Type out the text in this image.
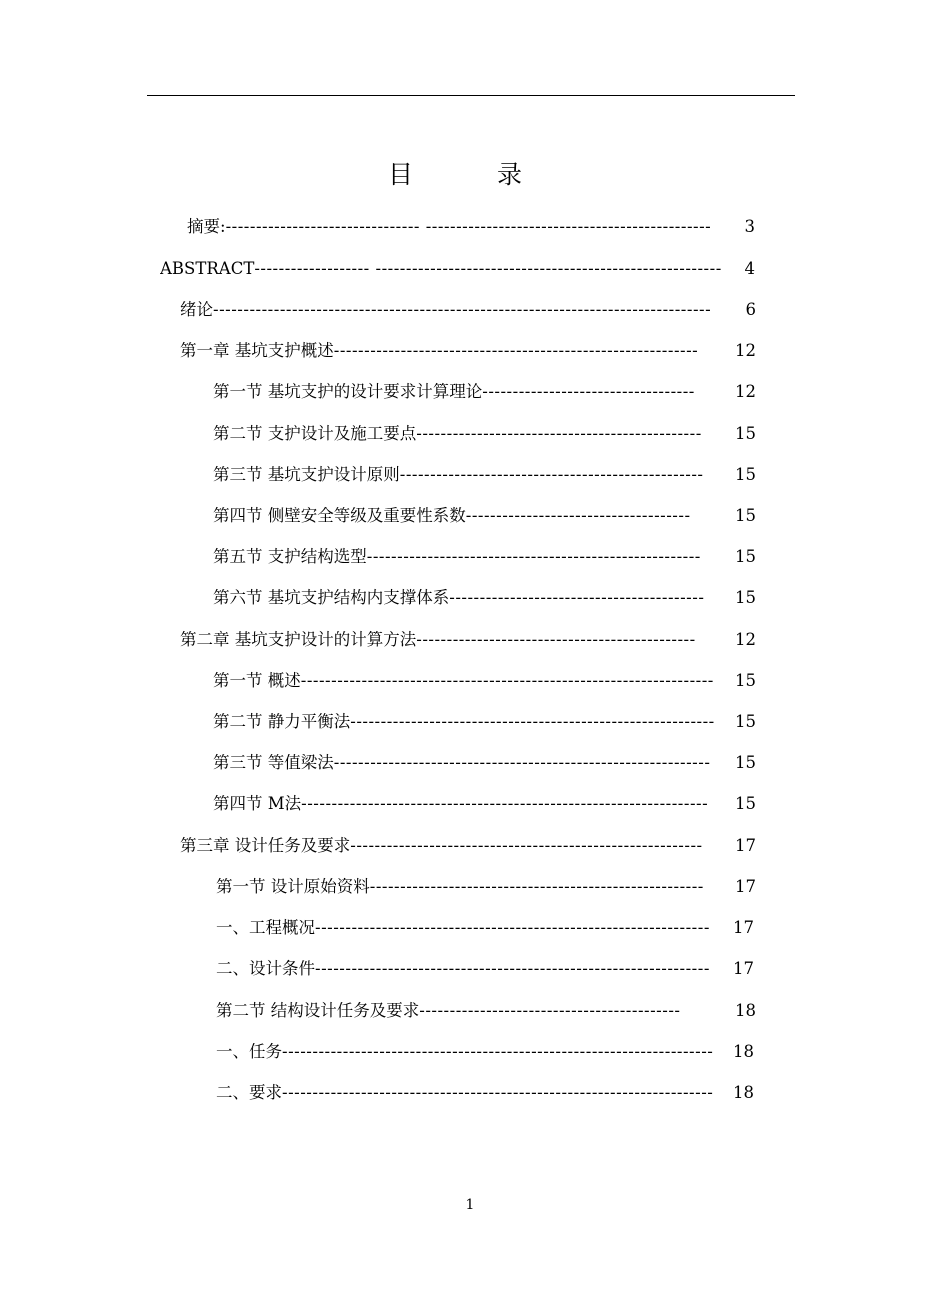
目 录
摘要: -------------------------------- -----------------------------------------------	3
ABSTRACT ------------------- ---------------------------------------------------------	4
绪论 ----------------------------------------------------------------------------------	6
第一章 基坑支护概述 ------------------------------------------------------------	12
第一节 基坑支护的设计要求计算理论 -----------------------------------	12
第二节 支护设计及施工要点 -----------------------------------------------	15
第三节 基坑支护设计原则 --------------------------------------------------	15
第四节 侧壁安全等级及重要性系数 -------------------------------------	15
第五节 支护结构选型 -------------------------------------------------------	15
第六节 基坑支护结构内支撑体系 ------------------------------------------	15
第二章 基坑支护设计的计算方法 ----------------------------------------------	12
第一节 概述 --------------------------------------------------------------------	15
第二节 静力平衡法 ------------------------------------------------------------	15
第三节 等值梁法 --------------------------------------------------------------	15
第四节 M法 -------------------------------------------------------------------	15
第三章 设计任务及要求 ----------------------------------------------------------	17
第一节 设计原始资料 -------------------------------------------------------	17
一、工程概况 -----------------------------------------------------------------	17
二、设计条件 -----------------------------------------------------------------	17
第二节 结构设计任务及要求 -------------------------------------------	18
一、任务 -----------------------------------------------------------------------	18
二、要求 -----------------------------------------------------------------------	18
1
